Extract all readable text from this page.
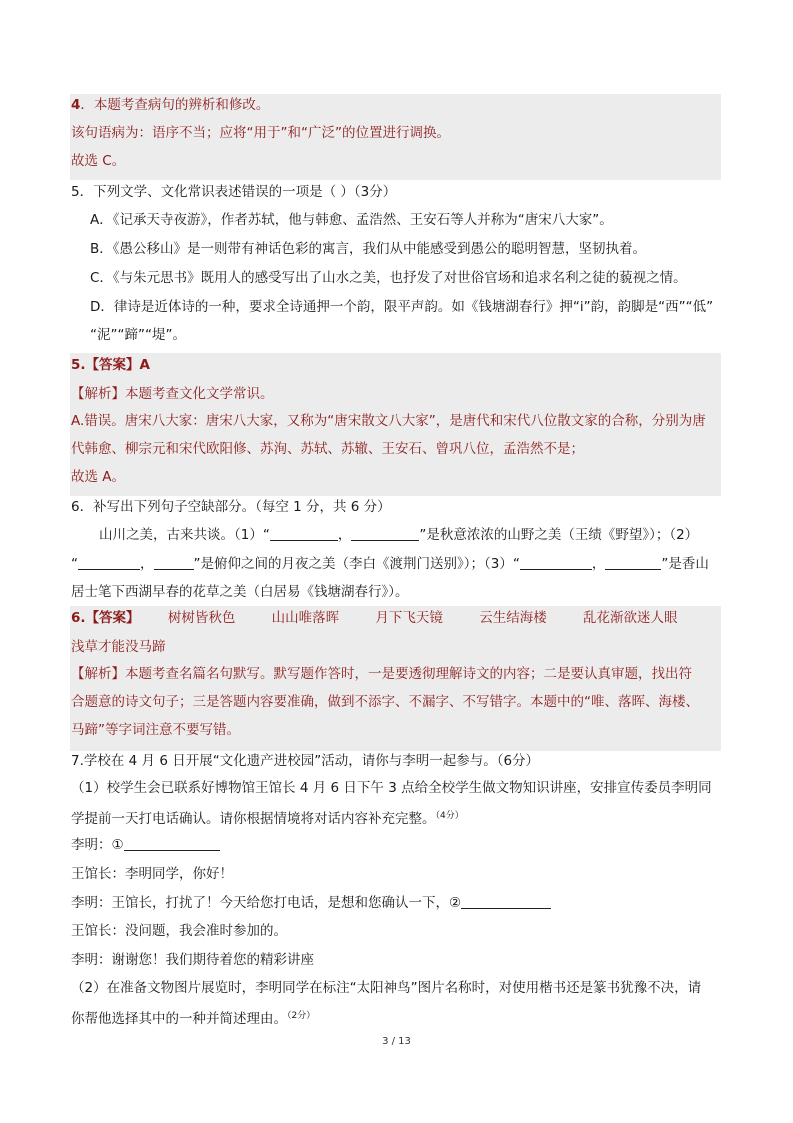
4．本题考查病句的辨析和修改。
该句语病为：语序不当；应将“用于”和“广泛”的位置进行调换。
故选 C。
5．下列文学、文化常识表述错误的一项是（ ）（3分）
A．《记承天寺夜游》，作者苏轼，他与韩愈、孟浩然、王安石等人并称为“唐宋八大家”。
B．《愚公移山》是一则带有神话色彩的寓言，我们从中能感受到愚公的聪明智慧，坚韧执着。
C．《与朱元思书》既用人的感受写出了山水之美，也抒发了对世俗官场和追求名利之徒的藐视之情。
D．律诗是近体诗的一种，要求全诗通押一个韵，限平声韵。如《钱塘湖春行》押“i”韵，韵脚是“西”“低”
“泥”“蹄”“堤”。
5.【答案】A
【解析】本题考查文化文学常识。
A.错误。唐宋八大家：唐宋八大家，又称为“唐宋散文八大家”，是唐代和宋代八位散文家的合称，分别为唐
代韩愈、柳宗元和宋代欧阳修、苏洵、苏轼、苏辙、王安石、曾巩八位，孟浩然不是；
故选 A。
6．补写出下列句子空缺部分。（每空 1 分，共 6 分）
山川之美，古来共谈。（1）“	，	”是秋意浓浓的山野之美（王绩《野望》）；（2）
“	，	”是俯仰之间的月夜之美（李白《渡荆门送别》）；（3）“	，	”是香山
居士笔下西湖早春的花草之美（白居易《钱塘湖春行》）。
6.【答案】 树树皆秋色	山山唯落晖	月下飞天镜	云生结海楼	乱花渐欲迷人眼
浅草才能没马蹄
【解析】本题考查名篇名句默写。默写题作答时，一是要透彻理解诗文的内容；二是要认真审题，找出符
合题意的诗文句子；三是答题内容要准确，做到不添字、不漏字、不写错字。本题中的“唯、落晖、海楼、
马蹄”等字词注意不要写错。
7.学校在 4 月 6 日开展“文化遗产进校园”活动，请你与李明一起参与。（6分）
（1）校学生会已联系好博物馆王馆长 4 月 6 日下午 3 点给全校学生做文物知识讲座，安排宣传委员李明同
学提前一天打电话确认。请你根据情境将对话内容补充完整。$^{(4分)}$
李明：①
王馆长：李明同学，你好！
李明：王馆长，打扰了！今天给您打电话，是想和您确认一下，②
王馆长：没问题，我会准时参加的。
李明：谢谢您！我们期待着您的精彩讲座
（2）在准备文物图片展览时，李明同学在标注“太阳神鸟”图片名称时，对使用楷书还是篆书犹豫不决，请
你帮他选择其中的一种并简述理由。$^{(2分)}$
3 / 13
